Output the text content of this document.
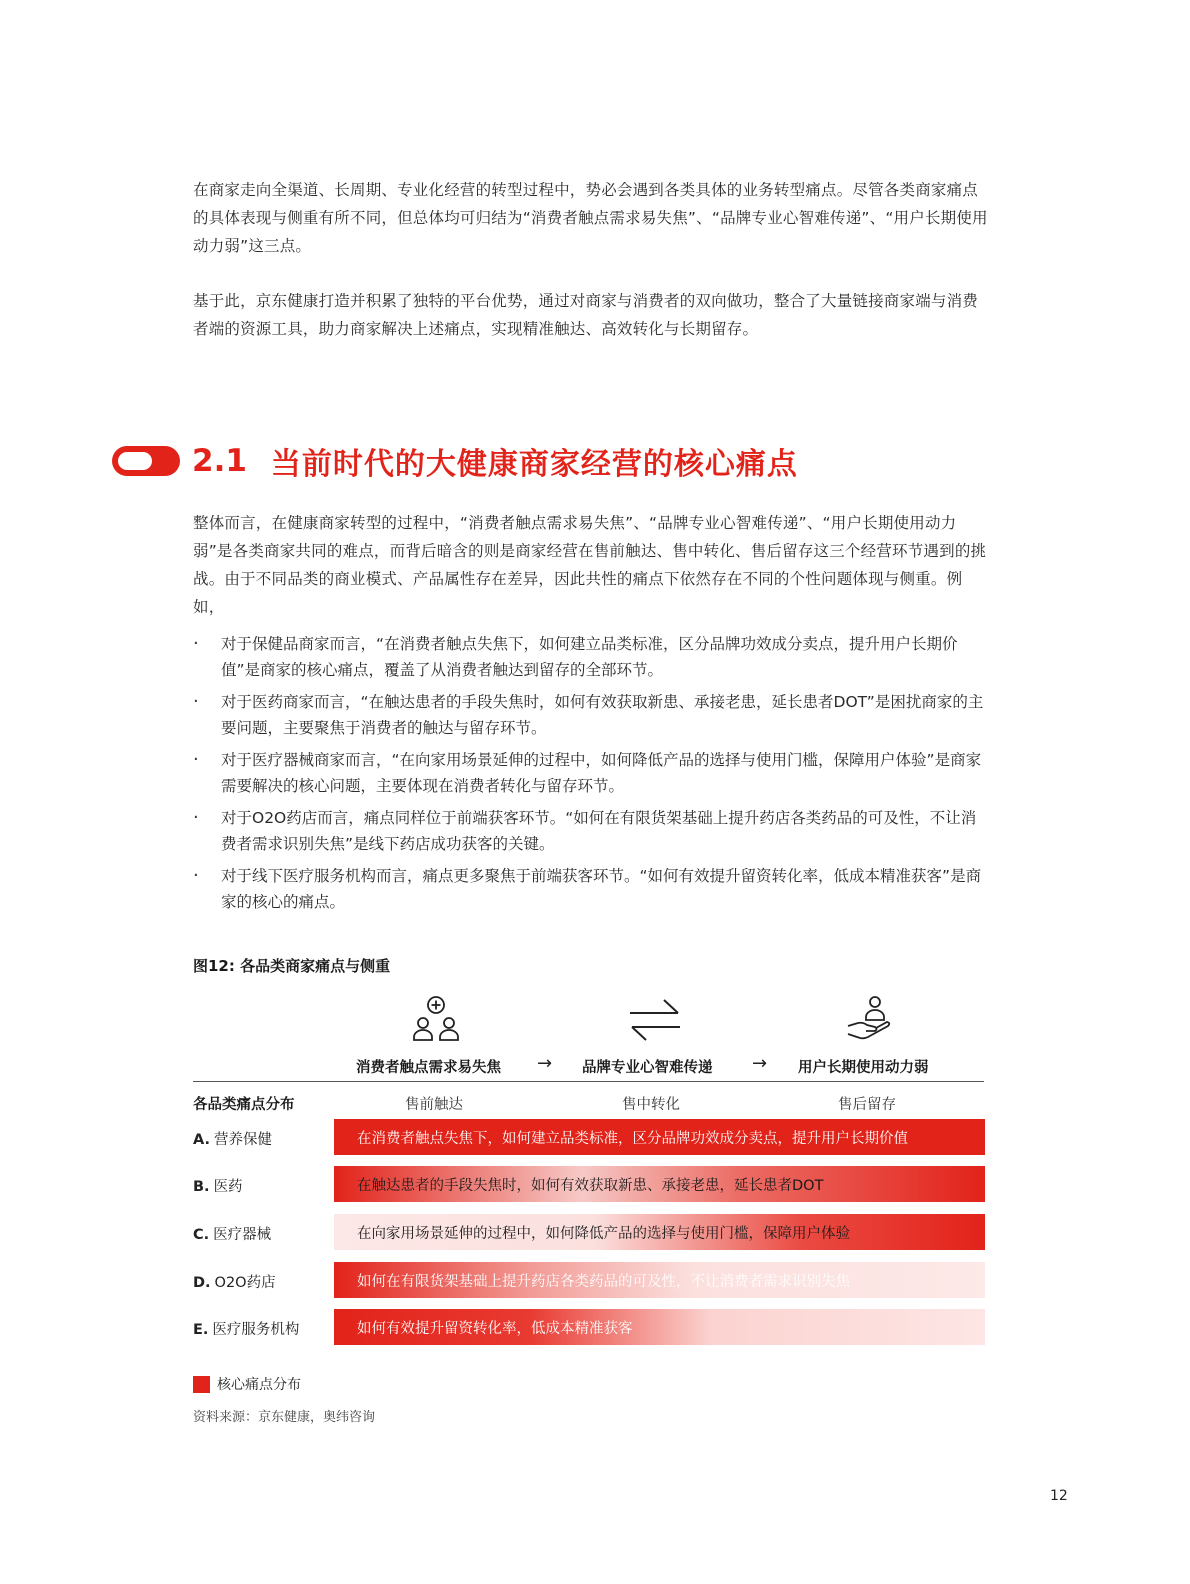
在商家走向全渠道、长周期、专业化经营的转型过程中，势必会遇到各类具体的业务转型痛点。尽管各类商家痛点的具体表现与侧重有所不同，但总体均可归结为“消费者触点需求易失焦”、“品牌专业心智难传递”、“用户长期使用动力弱”这三点。

基于此，京东健康打造并积累了独特的平台优势，通过对商家与消费者的双向做功，整合了大量链接商家端与消费者端的资源工具，助力商家解决上述痛点，实现精准触达、高效转化与长期留存。

2.1 当前时代的大健康商家经营的核心痛点

整体而言，在健康商家转型的过程中，“消费者触点需求易失焦”、“品牌专业心智难传递”、“用户长期使用动力弱”是各类商家共同的难点，而背后暗含的则是商家经营在售前触达、售中转化、售后留存这三个经营环节遇到的挑战。由于不同品类的商业模式、产品属性存在差异，因此共性的痛点下依然存在不同的个性问题体现与侧重。例如，

· 对于保健品商家而言，“在消费者触点失焦下，如何建立品类标准，区分品牌功效成分卖点，提升用户长期价值”是商家的核心痛点，覆盖了从消费者触达到留存的全部环节。
· 对于医药商家而言，“在触达患者的手段失焦时，如何有效获取新患、承接老患，延长患者DOT”是困扰商家的主要问题，主要聚焦于消费者的触达与留存环节。
· 对于医疗器械商家而言，“在向家用场景延伸的过程中，如何降低产品的选择与使用门槛，保障用户体验”是商家需要解决的核心问题，主要体现在消费者转化与留存环节。
· 对于O2O药店而言，痛点同样位于前端获客环节。“如何在有限货架基础上提升药店各类药品的可及性，不让消费者需求识别失焦”是线下药店成功获客的关键。
· 对于线下医疗服务机构而言，痛点更多聚焦于前端获客环节。“如何有效提升留资转化率，低成本精准获客”是商家的核心的痛点。
图12: 各品类商家痛点与侧重
消费者触点需求易失焦 → 品牌专业心智难传递 → 用户长期使用动力弱
各品类痛点分布	售前触达	售中转化	售后留存
A. 营养保健	在消费者触点失焦下，如何建立品类标准，区分品牌功效成分卖点，提升用户长期价值
B. 医药	在触达患者的手段失焦时，如何有效获取新患、承接老患，延长患者DOT
C. 医疗器械	在向家用场景延伸的过程中，如何降低产品的选择与使用门槛，保障用户体验
D. O2O药店	如何在有限货架基础上提升药店各类药品的可及性，不让消费者需求识别失焦
E. 医疗服务机构	如何有效提升留资转化率，低成本精准获客
核心痛点分布
资料来源：京东健康，奥纬咨询
12
